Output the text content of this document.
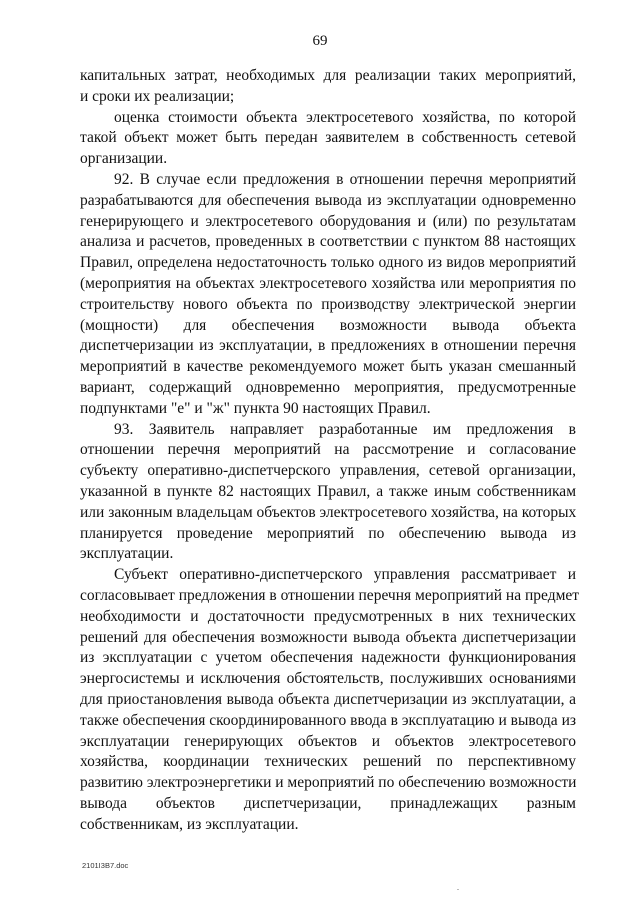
69
капитальных затрат, необходимых для реализации таких мероприятий,
и сроки их реализации;
оценка стоимости объекта электросетевого хозяйства, по которой
такой объект может быть передан заявителем в собственность сетевой
организации.
92. В случае если предложения в отношении перечня мероприятий
разрабатываются для обеспечения вывода из эксплуатации одновременно
генерирующего и электросетевого оборудования и (или) по результатам
анализа и расчетов, проведенных в соответствии с пунктом 88 настоящих
Правил, определена недостаточность только одного из видов мероприятий
(мероприятия на объектах электросетевого хозяйства или мероприятия по
строительству нового объекта по производству электрической энергии
(мощности) для обеспечения возможности вывода объекта
диспетчеризации из эксплуатации, в предложениях в отношении перечня
мероприятий в качестве рекомендуемого может быть указан смешанный
вариант, содержащий одновременно мероприятия, предусмотренные
подпунктами "е" и "ж" пункта 90 настоящих Правил.
93. Заявитель направляет разработанные им предложения в
отношении перечня мероприятий на рассмотрение и согласование
субъекту оперативно-диспетчерского управления, сетевой организации,
указанной в пункте 82 настоящих Правил, а также иным собственникам
или законным владельцам объектов электросетевого хозяйства, на которых
планируется проведение мероприятий по обеспечению вывода из
эксплуатации.
Субъект оперативно-диспетчерского управления рассматривает и
согласовывает предложения в отношении перечня мероприятий на предмет
необходимости и достаточности предусмотренных в них технических
решений для обеспечения возможности вывода объекта диспетчеризации
из эксплуатации с учетом обеспечения надежности функционирования
энергосистемы и исключения обстоятельств, послуживших основаниями
для приостановления вывода объекта диспетчеризации из эксплуатации, а
также обеспечения скоординированного ввода в эксплуатацию и вывода из
эксплуатации генерирующих объектов и объектов электросетевого
хозяйства, координации технических решений по перспективному
развитию электроэнергетики и мероприятий по обеспечению возможности
вывода объектов диспетчеризации, принадлежащих разным
собственникам, из эксплуатации.
2101I3B7.doc
